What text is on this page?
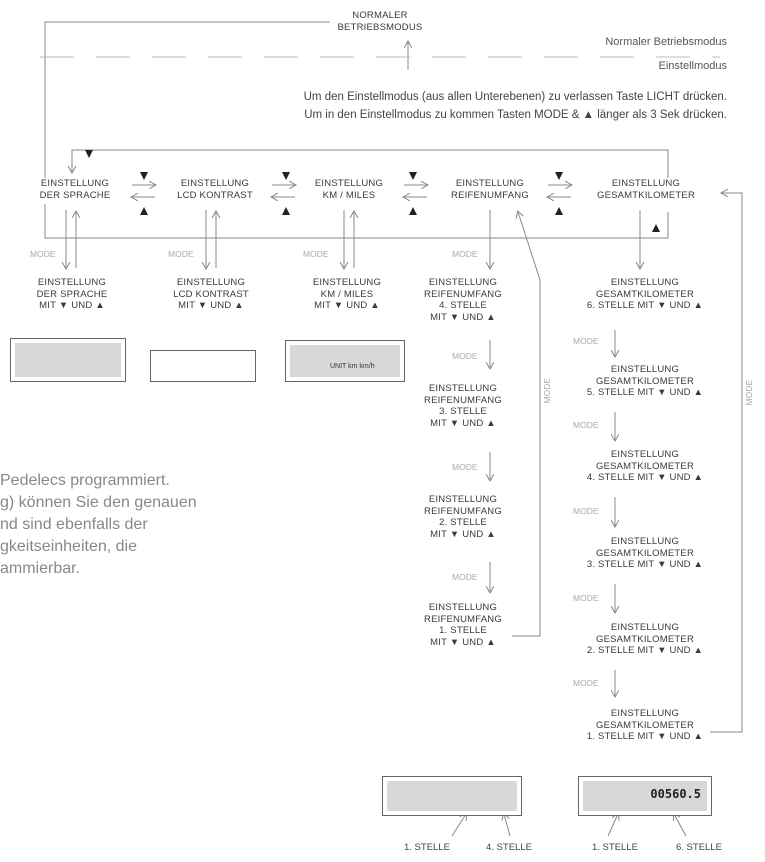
NORMALER
BETRIEBSMODUS
Normaler Betriebsmodus
Einstellmodus
Um den Einstellmodus (aus allen Unterebenen) zu verlassen Taste LICHT drücken.
Um in den Einstellmodus zu kommen Tasten MODE & ▲ länger als 3 Sek drücken.
EINSTELLUNG
DER SPRACHE
EINSTELLUNG
LCD KONTRAST
EINSTELLUNG
KM / MILES
EINSTELLUNG
REIFENUMFANG
EINSTELLUNG
GESAMTKILOMETER
MODE	MODE	MODE	MODE
EINSTELLUNG
DER SPRACHE
MIT ▼ UND ▲
EINSTELLUNG
LCD KONTRAST
MIT ▼ UND ▲
EINSTELLUNG
KM / MILES
MIT ▼ UND ▲
UNIT km km/h
EINSTELLUNG
REIFENUMFANG
4. STELLE
MIT ▼ UND ▲
MODE
EINSTELLUNG
REIFENUMFANG
3. STELLE
MIT ▼ UND ▲
MODE
EINSTELLUNG
REIFENUMFANG
2. STELLE
MIT ▼ UND ▲
MODE
EINSTELLUNG
REIFENUMFANG
1. STELLE
MIT ▼ UND ▲
MODE
EINSTELLUNG
GESAMTKILOMETER
6. STELLE MIT ▼ UND ▲
MODE
EINSTELLUNG
GESAMTKILOMETER
5. STELLE MIT ▼ UND ▲
MODE
EINSTELLUNG
GESAMTKILOMETER
4. STELLE MIT ▼ UND ▲
MODE
EINSTELLUNG
GESAMTKILOMETER
3. STELLE MIT ▼ UND ▲
MODE
EINSTELLUNG
GESAMTKILOMETER
2. STELLE MIT ▼ UND ▲
MODE
EINSTELLUNG
GESAMTKILOMETER
1. STELLE MIT ▼ UND ▲
MODE
Pedelecs programmiert.
g) können Sie den genauen
nd sind ebenfalls der
gkeitseinheiten, die
ammierbar.
00560.5
1. STELLE	4. STELLE	1. STELLE	6. STELLE
